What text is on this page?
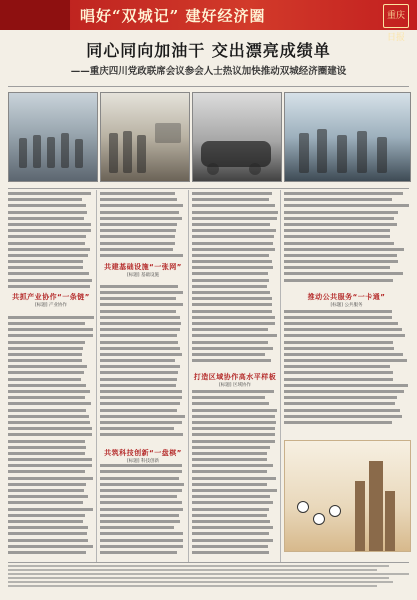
唱好“双城记” 建好经济圈	重庆日报
同心同向加油干 交出漂亮成绩单
——重庆四川党政联席会议参会人士热议加快推动双城经济圈建设
共抓产业协作“一条链”
[标题] 产业协作
共建基础设施“一张网”
[标题] 基础设施
共筑科技创新“一盘棋”
[标题] 科技创新
打造区域协作高水平样板
[标题] 区域协作
推动公共服务“一卡通”
[标题] 公共服务
